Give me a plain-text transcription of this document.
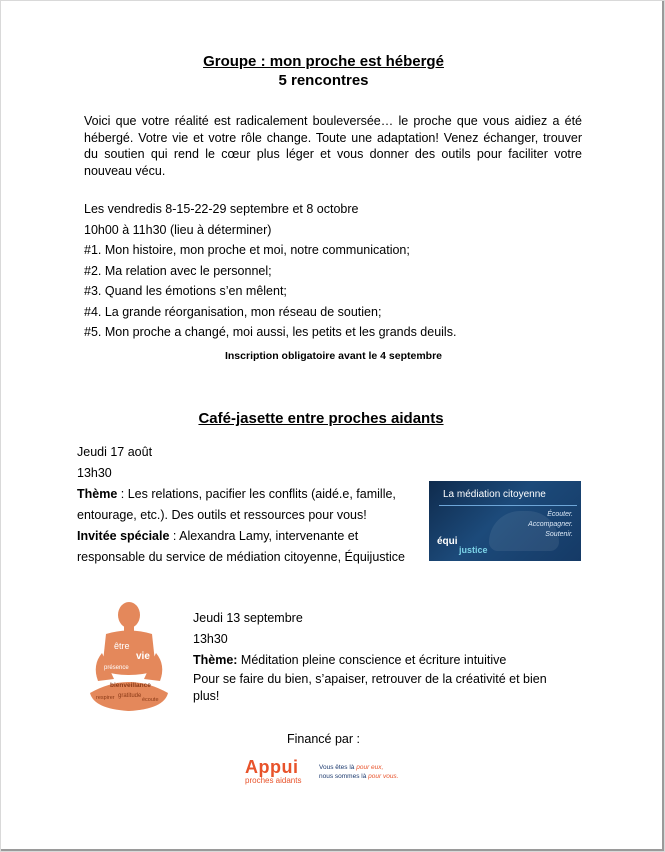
Groupe : mon proche est hébergé
5 rencontres
Voici que votre réalité est radicalement bouleversée… le proche que vous aidiez a été hébergé. Votre vie et votre rôle change. Toute une adaptation! Venez échanger, trouver du soutien qui rend le cœur plus léger et vous donner des outils pour faciliter votre nouveau vécu.
Les vendredis 8-15-22-29 septembre et 8 octobre
10h00 à 11h30 (lieu à déterminer)
#1. Mon histoire, mon proche et moi, notre communication;
#2. Ma relation avec le personnel;
#3. Quand les émotions s’en mêlent;
#4. La grande réorganisation, mon réseau de soutien;
#5. Mon proche a changé, moi aussi, les petits et les grands deuils.
Inscription obligatoire avant le 4 septembre
Café-jasette entre proches aidants
Jeudi 17 août
13h30
Thème : Les relations, pacifier les conflits (aidé.e, famille, entourage, etc.). Des outils et ressources pour vous!
Invitée spéciale : Alexandra Lamy, intervenante et responsable du service de médiation citoyenne, Équijustice
La médiation citoyenne
Écouter.
Accompagner.
Soutenir.
équi
justice
être
vie
présence
bienveillance
gratitude
écoute
respirer
Jeudi 13 septembre
13h30
Thème: Méditation pleine conscience et écriture intuitive
Pour se faire du bien, s’apaiser, retrouver de la créativité et bien plus!
Financé par :
Appui
proches aidants
Vous êtes là pour eux,
nous sommes là pour vous.
